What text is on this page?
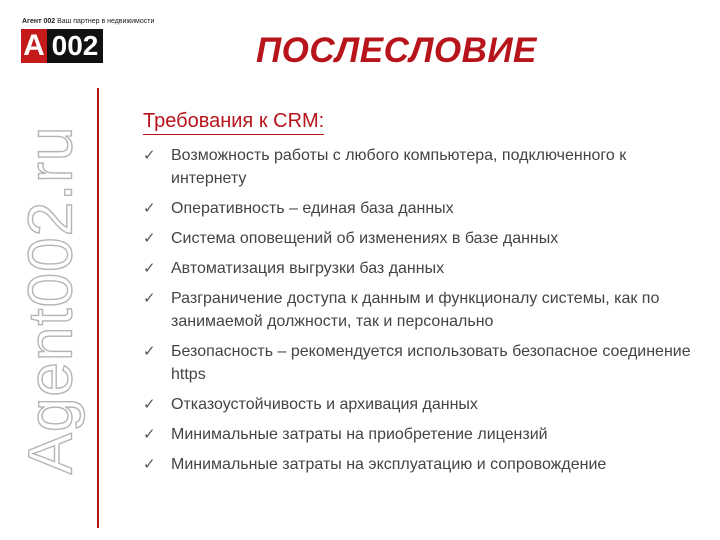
Агент 002 Ваш партнер в недвижимости
А 002
Agent002.ru
ПОСЛЕСЛОВИЕ
Требования к CRM:
✓ Возможность работы с любого компьютера, подключенного к интернету
✓ Оперативность – единая база данных
✓ Система оповещений об изменениях в базе данных
✓ Автоматизация выгрузки баз данных
✓ Разграничение доступа к данным и функционалу системы, как по занимаемой должности, так и персонально
✓ Безопасность – рекомендуется использовать безопасное соединение https
✓ Отказоустойчивость и архивация данных
✓ Минимальные затраты на приобретение лицензий
✓ Минимальные затраты на эксплуатацию и сопровождение
